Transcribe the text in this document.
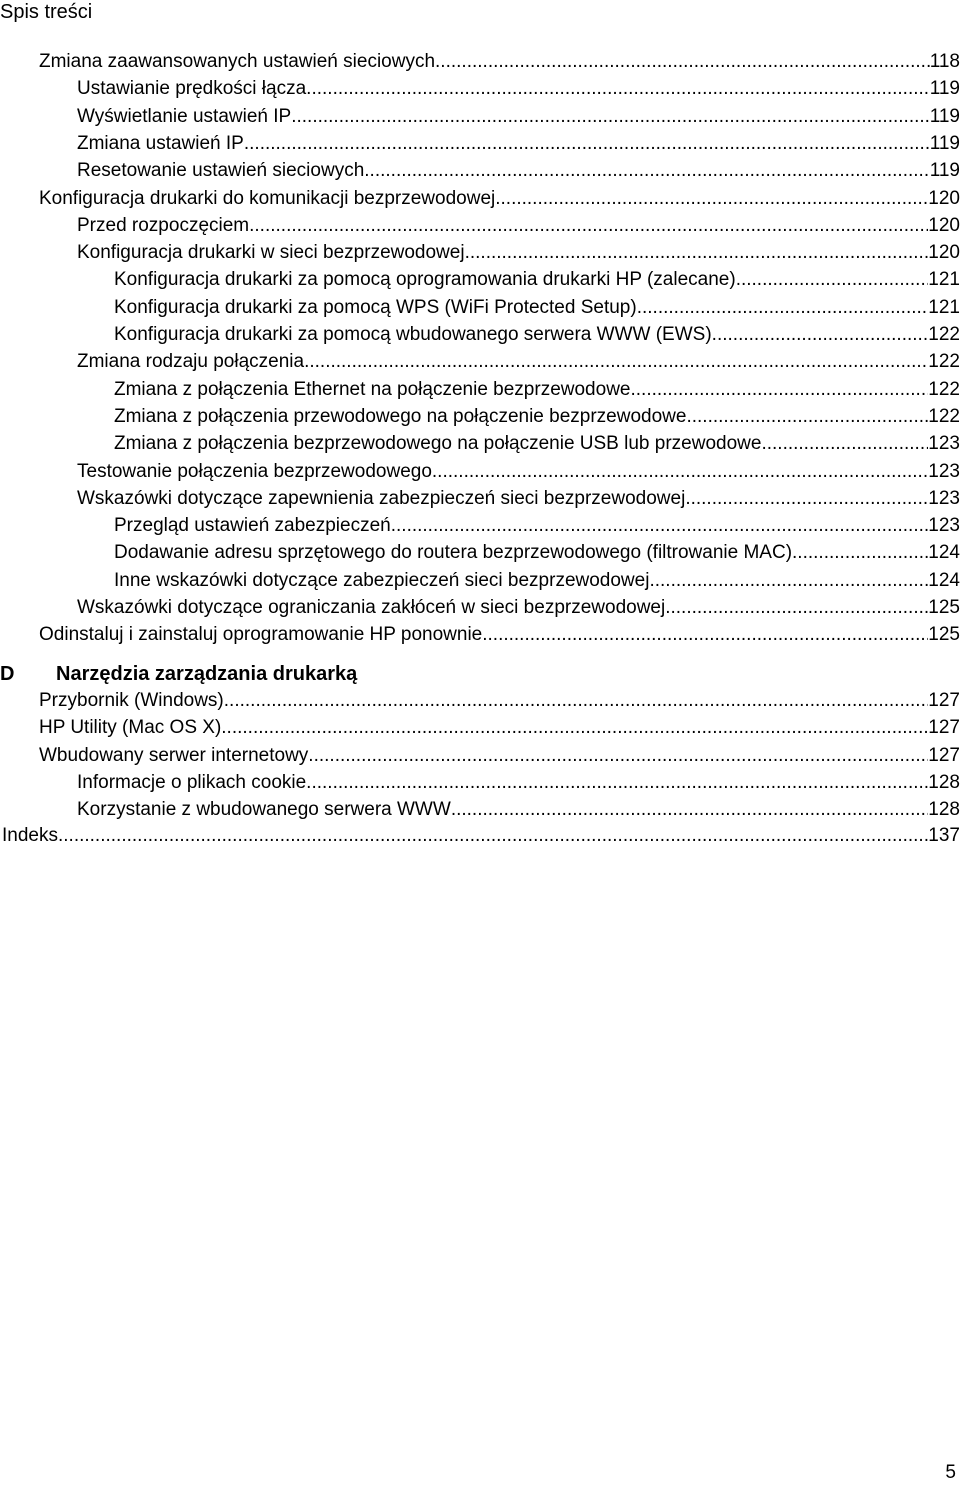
Spis treści
Zmiana zaawansowanych ustawień sieciowych .....	118
Ustawianie prędkości łącza .....	119
Wyświetlanie ustawień IP .....	119
Zmiana ustawień IP .....	119
Resetowanie ustawień sieciowych .....	119
Konfiguracja drukarki do komunikacji bezprzewodowej .....	120
Przed rozpoczęciem .....	120
Konfiguracja drukarki w sieci bezprzewodowej .....	120
Konfiguracja drukarki za pomocą oprogramowania drukarki HP (zalecane) .....	121
Konfiguracja drukarki za pomocą WPS (WiFi Protected Setup) .....	121
Konfiguracja drukarki za pomocą wbudowanego serwera WWW (EWS) .....	122
Zmiana rodzaju połączenia .....	122
Zmiana z połączenia Ethernet na połączenie bezprzewodowe .....	122
Zmiana z połączenia przewodowego na połączenie bezprzewodowe .....	122
Zmiana z połączenia bezprzewodowego na połączenie USB lub przewodowe .....	123
Testowanie połączenia bezprzewodowego .....	123
Wskazówki dotyczące zapewnienia zabezpieczeń sieci bezprzewodowej .....	123
Przegląd ustawień zabezpieczeń .....	123
Dodawanie adresu sprzętowego do routera bezprzewodowego (filtrowanie MAC) .....	124
Inne wskazówki dotyczące zabezpieczeń sieci bezprzewodowej .....	124
Wskazówki dotyczące ograniczania zakłóceń w sieci bezprzewodowej .....	125
Odinstaluj i zainstaluj oprogramowanie HP ponownie .....	125
Przybornik (Windows) .....	127
HP Utility (Mac OS X) .....	127
Wbudowany serwer internetowy .....	127
Informacje o plikach cookie .....	128
Korzystanie z wbudowanego serwera WWW .....	128
Indeks .....	137
D	Narzędzia zarządzania drukarką
5
